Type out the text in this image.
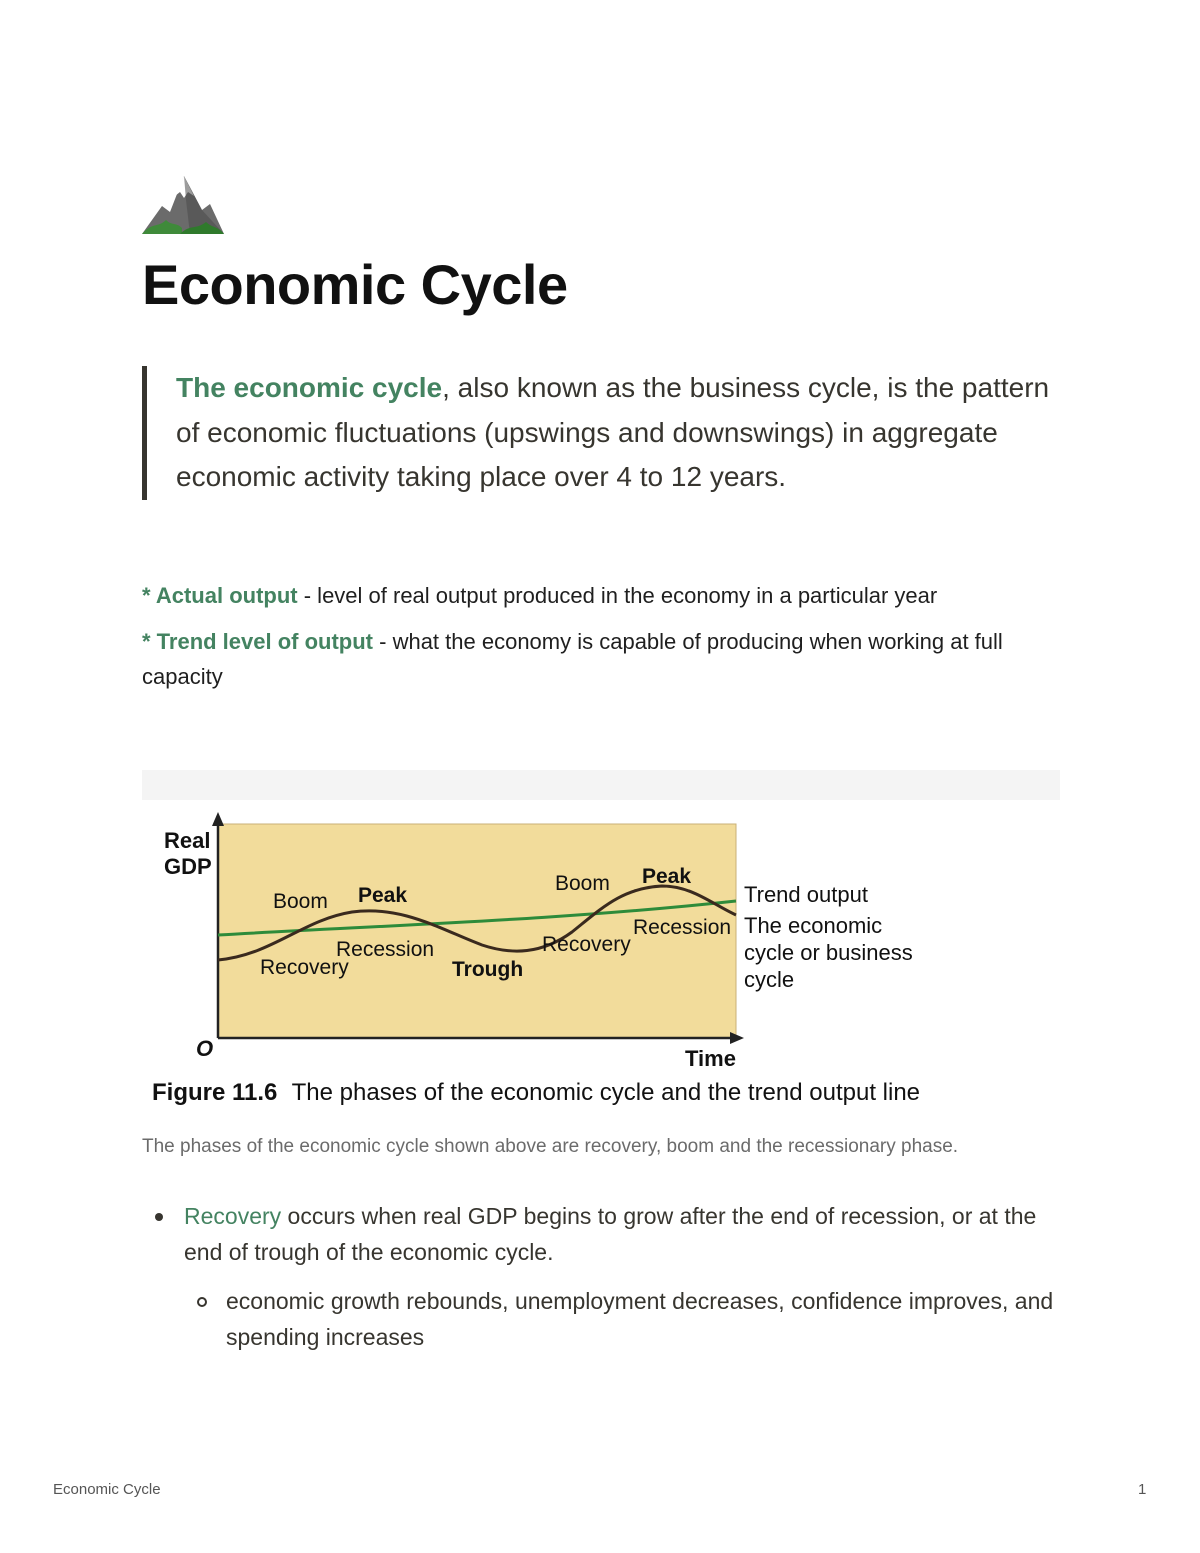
Economic Cycle
The economic cycle, also known as the business cycle, is the pattern of economic fluctuations (upswings and downswings) in aggregate economic activity taking place over 4 to 12 years.
* Actual output - level of real output produced in the economy in a particular year
* Trend level of output - what the economy is capable of producing when working at full capacity
Real
GDP
O	Time
Boom Peak
Recession
Recovery	Trough
Boom Peak
Recovery
Recession
Trend output
The economic
cycle or business
cycle
Figure 11.6 The phases of the economic cycle and the trend output line
The phases of the economic cycle shown above are recovery, boom and the recessionary phase.
Recovery occurs when real GDP begins to grow after the end of recession, or at the end of trough of the economic cycle.
economic growth rebounds, unemployment decreases, confidence improves, and spending increases
Economic Cycle	1
